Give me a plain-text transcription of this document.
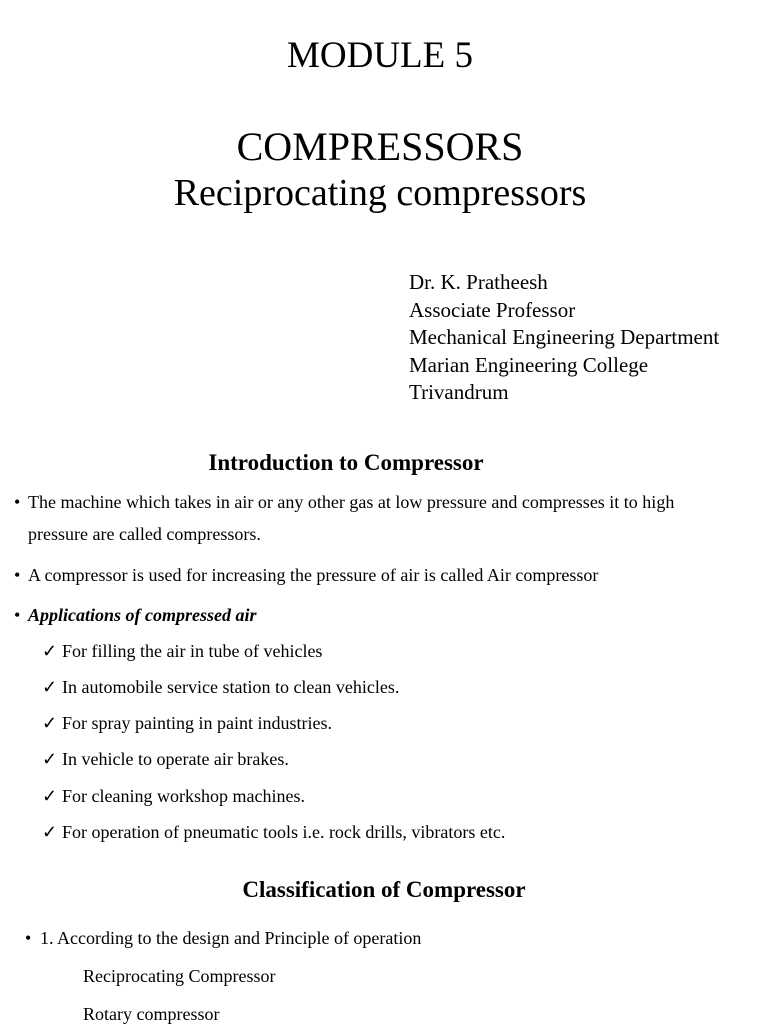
MODULE 5
COMPRESSORS
Reciprocating compressors
Dr. K. Pratheesh
Associate Professor
Mechanical Engineering Department
Marian Engineering College
Trivandrum
Introduction to Compressor
• The machine which takes in air or any other gas at low pressure and compresses it to high
pressure are called compressors.
• A compressor is used for increasing the pressure of air is called Air compressor
• Applications of compressed air
✓ For filling the air in tube of vehicles
✓ In automobile service station to clean vehicles.
✓ For spray painting in paint industries.
✓ In vehicle to operate air brakes.
✓ For cleaning workshop machines.
✓ For operation of pneumatic tools i.e. rock drills, vibrators etc.
Classification of Compressor
• 1. According to the design and Principle of operation
Reciprocating Compressor
Rotary compressor
